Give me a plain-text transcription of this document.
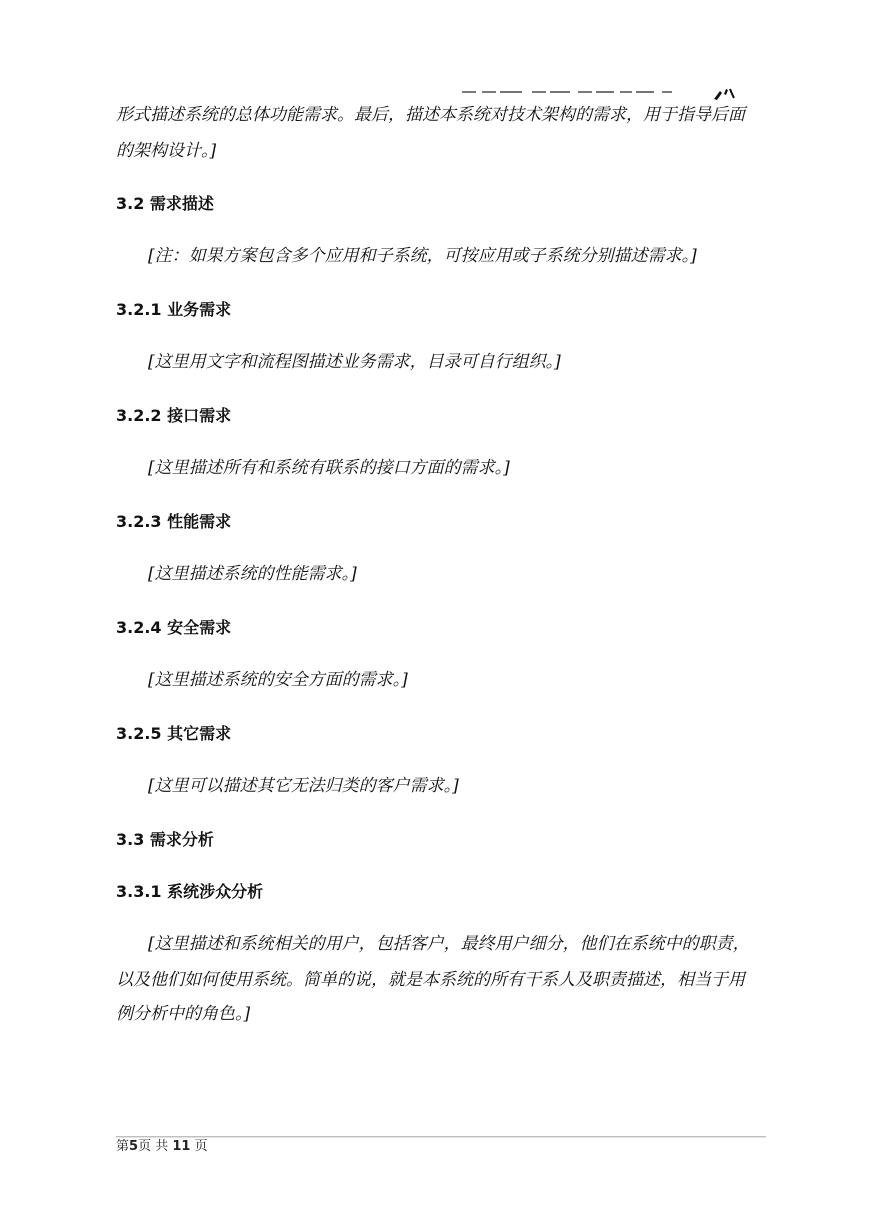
形式描述系统的总体功能需求。最后，描述本系统对技术架构的需求，用于指导后面
的架构设计。]
3.2 需求描述
[注：如果方案包含多个应用和子系统，可按应用或子系统分别描述需求。]
3.2.1 业务需求
[这里用文字和流程图描述业务需求，目录可自行组织。]
3.2.2 接口需求
[这里描述所有和系统有联系的接口方面的需求。]
3.2.3 性能需求
[这里描述系统的性能需求。]
3.2.4 安全需求
[这里描述系统的安全方面的需求。]
3.2.5 其它需求
[这里可以描述其它无法归类的客户需求。]
3.3 需求分析
3.3.1 系统涉众分析
[这里描述和系统相关的用户，包括客户，最终用户细分，他们在系统中的职责，
以及他们如何使用系统。简单的说，就是本系统的所有干系人及职责描述，相当于用
例分析中的角色。]
第5页 共 11 页
